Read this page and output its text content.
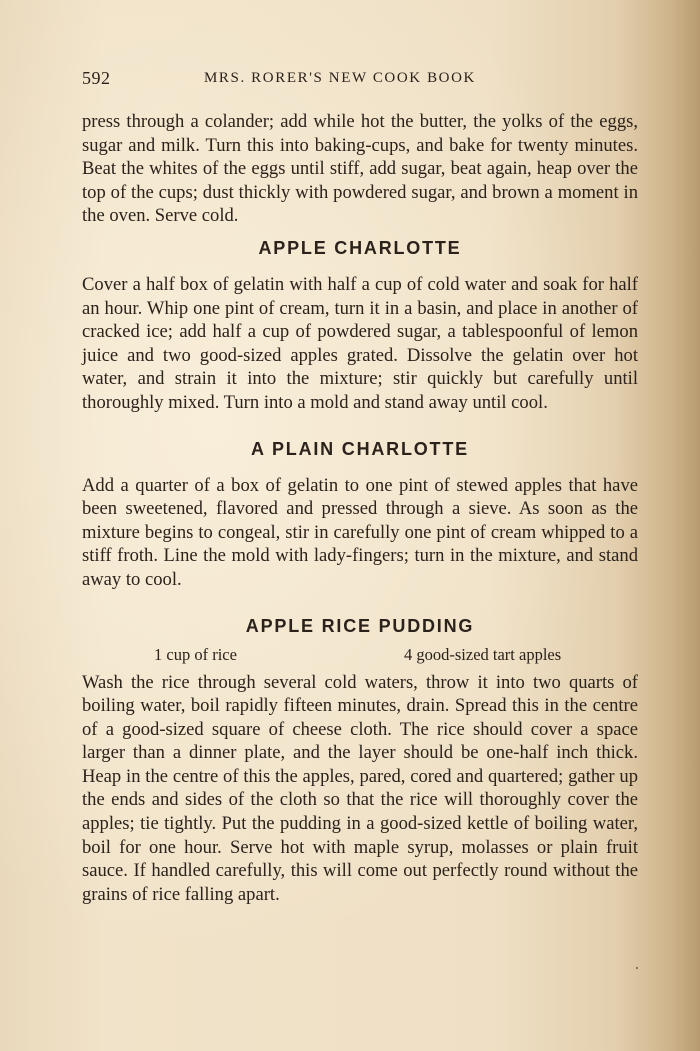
592	MRS. RORER'S NEW COOK BOOK

press through a colander; add while hot the butter, the yolks of the eggs, sugar and milk. Turn this into baking-cups, and bake for twenty minutes. Beat the whites of the eggs until stiff, add sugar, beat again, heap over the top of the cups; dust thickly with powdered sugar, and brown a moment in the oven. Serve cold.

APPLE CHARLOTTE

Cover a half box of gelatin with half a cup of cold water and soak for half an hour. Whip one pint of cream, turn it in a basin, and place in another of cracked ice; add half a cup of powdered sugar, a tablespoonful of lemon juice and two good-sized apples grated. Dissolve the gelatin over hot water, and strain it into the mixture; stir quickly but carefully until thoroughly mixed. Turn into a mold and stand away until cool.

A PLAIN CHARLOTTE

Add a quarter of a box of gelatin to one pint of stewed apples that have been sweetened, flavored and pressed through a sieve. As soon as the mixture begins to congeal, stir in carefully one pint of cream whipped to a stiff froth. Line the mold with lady-fingers; turn in the mixture, and stand away to cool.

APPLE RICE PUDDING
1 cup of rice	4 good-sized tart apples

Wash the rice through several cold waters, throw it into two quarts of boiling water, boil rapidly fifteen minutes, drain. Spread this in the centre of a good-sized square of cheese cloth. The rice should cover a space larger than a dinner plate, and the layer should be one-half inch thick. Heap in the centre of this the apples, pared, cored and quartered; gather up the ends and sides of the cloth so that the rice will thoroughly cover the apples; tie tightly. Put the pudding in a good-sized kettle of boiling water, boil for one hour. Serve hot with maple syrup, molasses or plain fruit sauce. If handled carefully, this will come out perfectly round without the grains of rice falling apart.
